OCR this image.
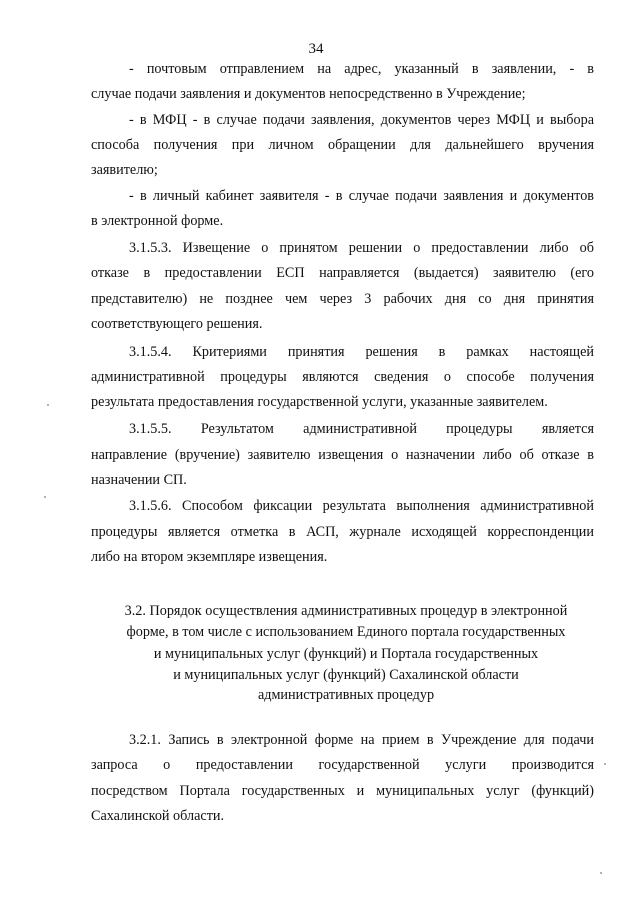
34
- почтовым отправлением на адрес, указанный в заявлении, - в
случае подачи заявления и документов непосредственно в Учреждение;
- в МФЦ - в случае подачи заявления, документов через МФЦ и выбора
способа получения при личном обращении для дальнейшего вручения
заявителю;
- в личный кабинет заявителя - в случае подачи заявления и документов
в электронной форме.
3.1.5.3. Извещение о принятом решении о предоставлении либо об
отказе в предоставлении ЕСП направляется (выдается) заявителю (его
представителю) не позднее чем через 3 рабочих дня со дня принятия
соответствующего решения.
3.1.5.4. Критериями принятия решения в рамках настоящей
административной процедуры являются сведения о способе получения
результата предоставления государственной услуги, указанные заявителем.
3.1.5.5. Результатом административной процедуры является
направление (вручение) заявителю извещения о назначении либо об отказе в
назначении СП.
3.1.5.6. Способом фиксации результата выполнения административной
процедуры является отметка в АСП, журнале исходящей корреспонденции
либо на втором экземпляре извещения.
3.2. Порядок осуществления административных процедур в электронной
форме, в том числе с использованием Единого портала государственных
и муниципальных услуг (функций) и Портала государственных
и муниципальных услуг (функций) Сахалинской области
административных процедур
3.2.1. Запись в электронной форме на прием в Учреждение для подачи
запроса о предоставлении государственной услуги производится
посредством Портала государственных и муниципальных услуг (функций)
Сахалинской области.
